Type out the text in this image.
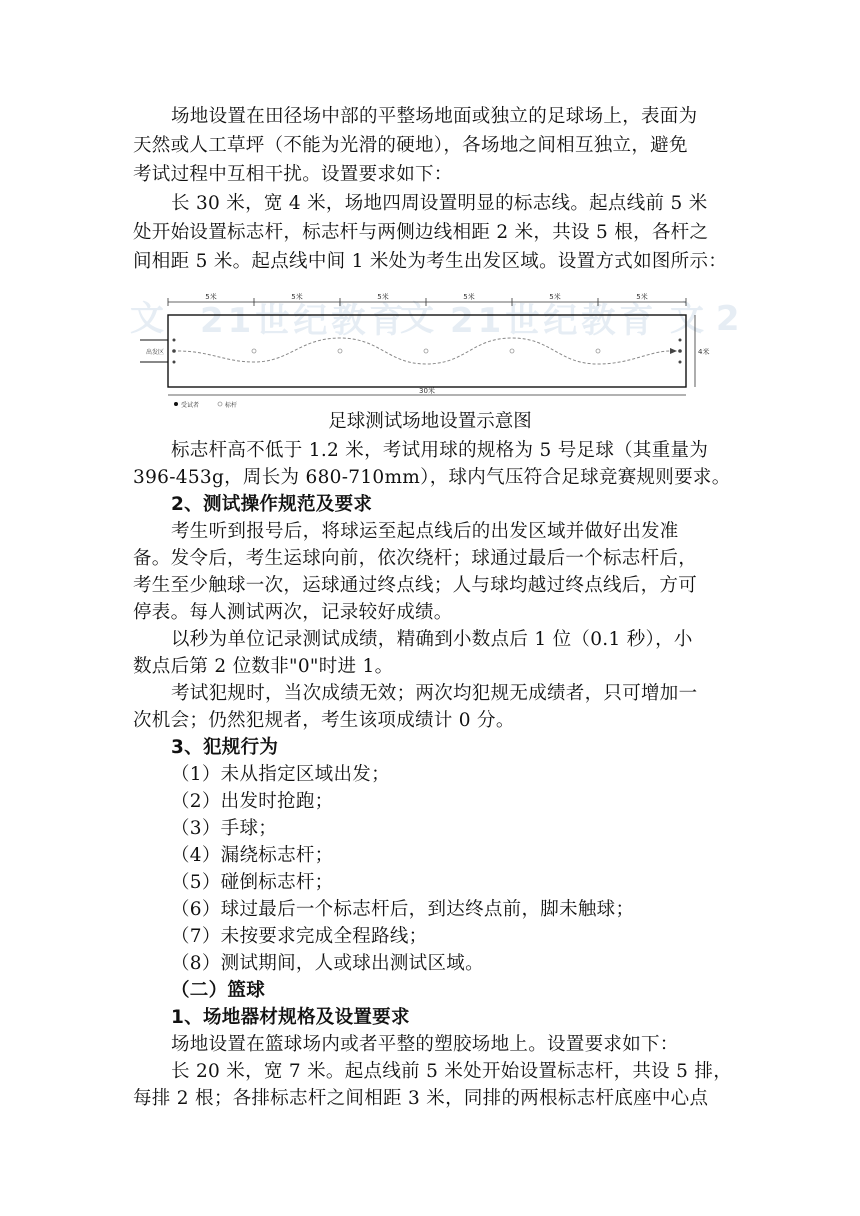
场地设置在田径场中部的平整场地面或独立的足球场上，表面为
天然或人工草坪（不能为光滑的硬地），各场地之间相互独立，避免
考试过程中互相干扰。设置要求如下：
长 30 米，宽 4 米，场地四周设置明显的标志线。起点线前 5 米
处开始设置标志杆，标志杆与两侧边线相距 2 米，共设 5 根，各杆之
间相距 5 米。起点线中间 1 米处为考生出发区域。设置方式如图所示：
文 21世纪教育
文 21世纪教育 文 2
5米	5米	5米	5米	5米	5米
出发区	4米
30米
受试者	标杆
足球测试场地设置示意图
标志杆高不低于 1.2 米，考试用球的规格为 5 号足球（其重量为
396-453g，周长为 680-710mm），球内气压符合足球竞赛规则要求。
2、测试操作规范及要求
考生听到报号后，将球运至起点线后的出发区域并做好出发准
备。发令后，考生运球向前，依次绕杆；球通过最后一个标志杆后，
考生至少触球一次，运球通过终点线；人与球均越过终点线后，方可
停表。每人测试两次，记录较好成绩。
以秒为单位记录测试成绩，精确到小数点后 1 位（0.1 秒），小
数点后第 2 位数非"0"时进 1。
考试犯规时，当次成绩无效；两次均犯规无成绩者，只可增加一
次机会；仍然犯规者，考生该项成绩计 0 分。
3、犯规行为
（1）未从指定区域出发；
（2）出发时抢跑；
（3）手球；
（4）漏绕标志杆；
（5）碰倒标志杆；
（6）球过最后一个标志杆后，到达终点前，脚未触球；
（7）未按要求完成全程路线；
（8）测试期间，人或球出测试区域。
（二）篮球
1、场地器材规格及设置要求
场地设置在篮球场内或者平整的塑胶场地上。设置要求如下：
长 20 米，宽 7 米。起点线前 5 米处开始设置标志杆，共设 5 排，
每排 2 根；各排标志杆之间相距 3 米，同排的两根标志杆底座中心点
